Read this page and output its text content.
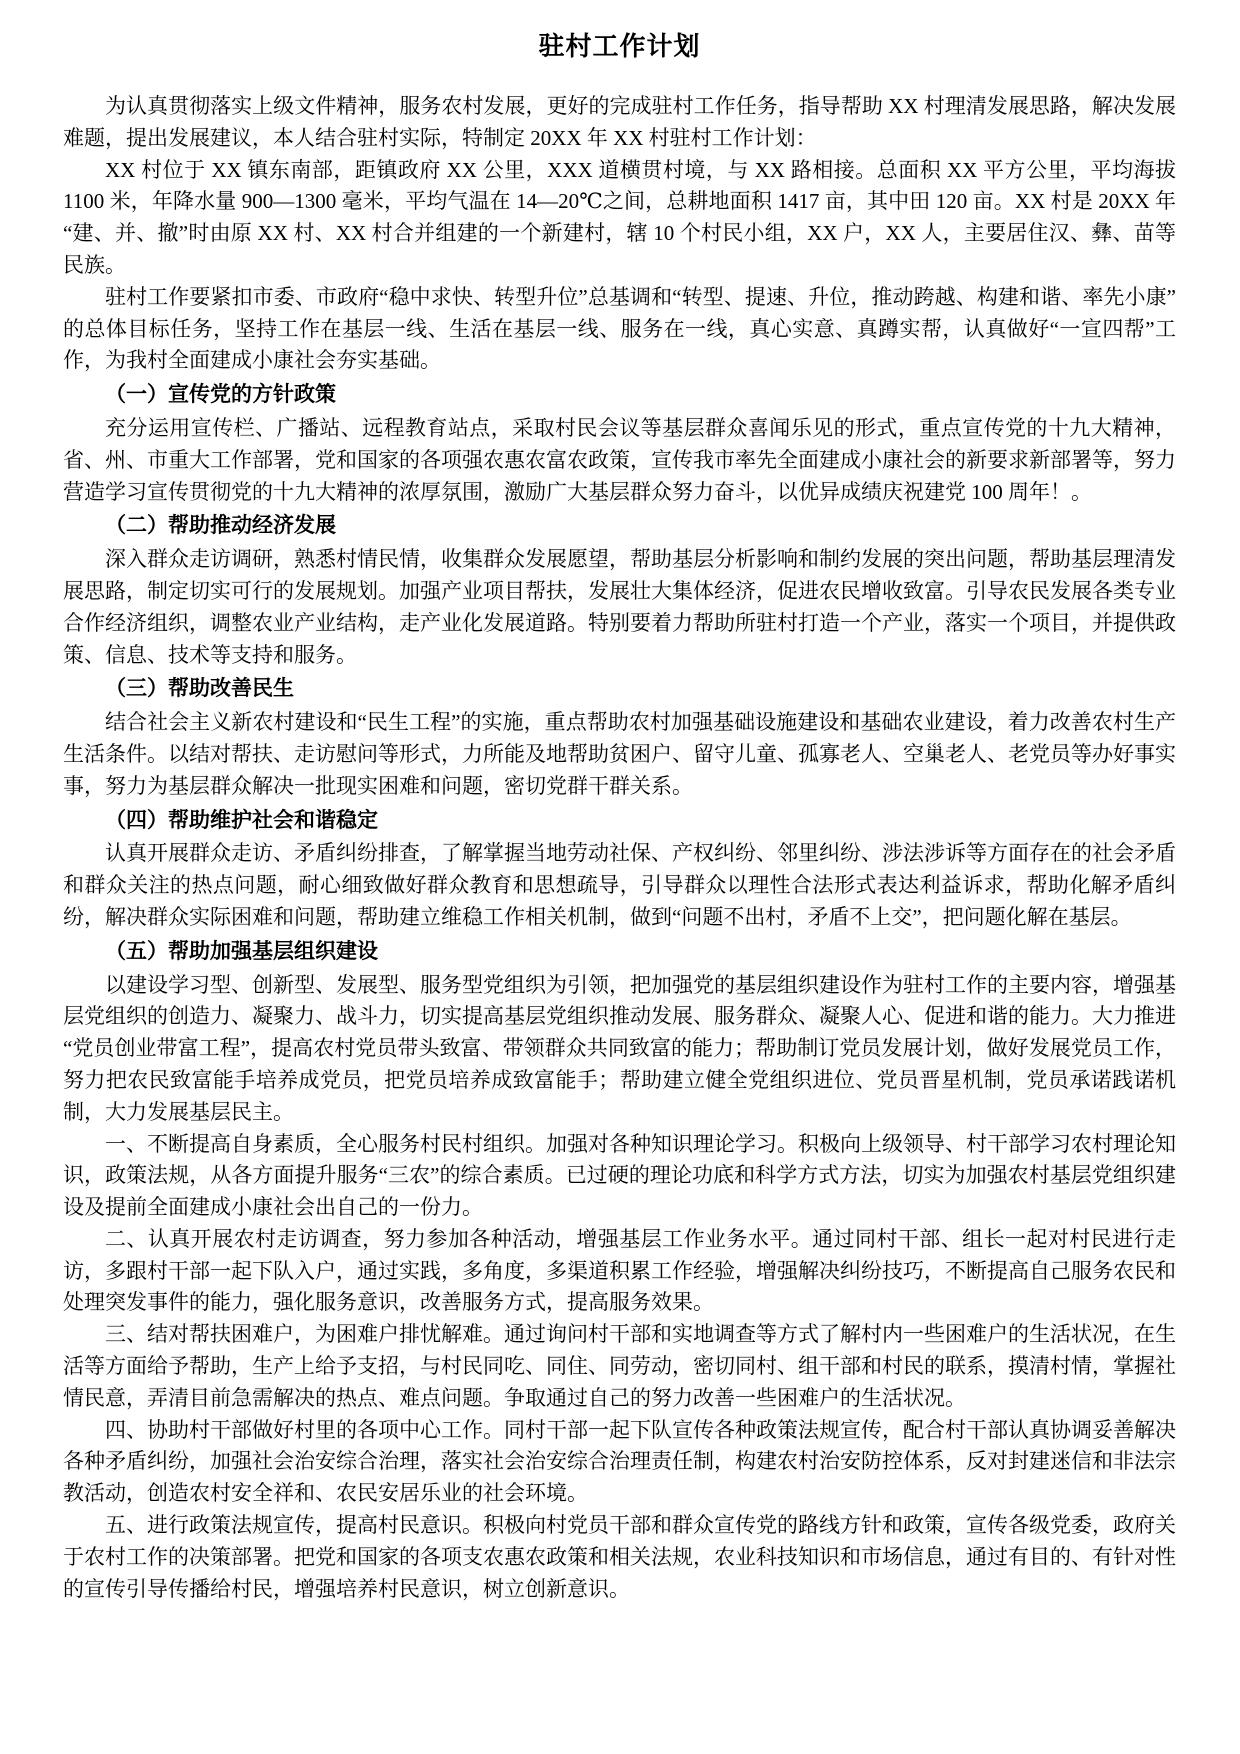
驻村工作计划

为认真贯彻落实上级文件精神，服务农村发展，更好的完成驻村工作任务，指导帮助 XX 村理清发展思路，解决发展难题，提出发展建议，本人结合驻村实际，特制定 20XX 年 XX 村驻村工作计划：

XX 村位于 XX 镇东南部，距镇政府 XX 公里，XXX 道横贯村境，与 XX 路相接。总面积 XX 平方公里，平均海拔 1100 米，年降水量 900—1300 毫米，平均气温在 14—20℃之间，总耕地面积 1417 亩，其中田 120 亩。XX 村是 20XX 年“建、并、撤”时由原 XX 村、XX 村合并组建的一个新建村，辖 10 个村民小组，XX 户，XX 人，主要居住汉、彝、苗等民族。

驻村工作要紧扣市委、市政府“稳中求快、转型升位”总基调和“转型、提速、升位，推动跨越、构建和谐、率先小康”的总体目标任务，坚持工作在基层一线、生活在基层一线、服务在一线，真心实意、真蹲实帮，认真做好“一宣四帮”工作，为我村全面建成小康社会夯实基础。

（一）宣传党的方针政策

充分运用宣传栏、广播站、远程教育站点，采取村民会议等基层群众喜闻乐见的形式，重点宣传党的十九大精神，省、州、市重大工作部署，党和国家的各项强农惠农富农政策，宣传我市率先全面建成小康社会的新要求新部署等，努力营造学习宣传贯彻党的十九大精神的浓厚氛围，激励广大基层群众努力奋斗，以优异成绩庆祝建党 100 周年！。

（二）帮助推动经济发展

深入群众走访调研，熟悉村情民情，收集群众发展愿望，帮助基层分析影响和制约发展的突出问题，帮助基层理清发展思路，制定切实可行的发展规划。加强产业项目帮扶，发展壮大集体经济，促进农民增收致富。引导农民发展各类专业合作经济组织，调整农业产业结构，走产业化发展道路。特别要着力帮助所驻村打造一个产业，落实一个项目，并提供政策、信息、技术等支持和服务。

（三）帮助改善民生

结合社会主义新农村建设和“民生工程”的实施，重点帮助农村加强基础设施建设和基础农业建设，着力改善农村生产生活条件。以结对帮扶、走访慰问等形式，力所能及地帮助贫困户、留守儿童、孤寡老人、空巢老人、老党员等办好事实事，努力为基层群众解决一批现实困难和问题，密切党群干群关系。

（四）帮助维护社会和谐稳定

认真开展群众走访、矛盾纠纷排查，了解掌握当地劳动社保、产权纠纷、邻里纠纷、涉法涉诉等方面存在的社会矛盾和群众关注的热点问题，耐心细致做好群众教育和思想疏导，引导群众以理性合法形式表达利益诉求，帮助化解矛盾纠纷，解决群众实际困难和问题，帮助建立维稳工作相关机制，做到“问题不出村，矛盾不上交”，把问题化解在基层。

（五）帮助加强基层组织建设

以建设学习型、创新型、发展型、服务型党组织为引领，把加强党的基层组织建设作为驻村工作的主要内容，增强基层党组织的创造力、凝聚力、战斗力，切实提高基层党组织推动发展、服务群众、凝聚人心、促进和谐的能力。大力推进“党员创业带富工程”，提高农村党员带头致富、带领群众共同致富的能力；帮助制订党员发展计划，做好发展党员工作，努力把农民致富能手培养成党员，把党员培养成致富能手；帮助建立健全党组织进位、党员晋星机制，党员承诺践诺机制，大力发展基层民主。

一、不断提高自身素质，全心服务村民村组织。加强对各种知识理论学习。积极向上级领导、村干部学习农村理论知识，政策法规，从各方面提升服务“三农”的综合素质。已过硬的理论功底和科学方式方法，切实为加强农村基层党组织建设及提前全面建成小康社会出自己的一份力。

二、认真开展农村走访调查，努力参加各种活动，增强基层工作业务水平。通过同村干部、组长一起对村民进行走访，多跟村干部一起下队入户，通过实践，多角度，多渠道积累工作经验，增强解决纠纷技巧，不断提高自己服务农民和处理突发事件的能力，强化服务意识，改善服务方式，提高服务效果。

三、结对帮扶困难户，为困难户排忧解难。通过询问村干部和实地调查等方式了解村内一些困难户的生活状况，在生活等方面给予帮助，生产上给予支招，与村民同吃、同住、同劳动，密切同村、组干部和村民的联系，摸清村情，掌握社情民意，弄清目前急需解决的热点、难点问题。争取通过自己的努力改善一些困难户的生活状况。

四、协助村干部做好村里的各项中心工作。同村干部一起下队宣传各种政策法规宣传，配合村干部认真协调妥善解决各种矛盾纠纷，加强社会治安综合治理，落实社会治安综合治理责任制，构建农村治安防控体系，反对封建迷信和非法宗教活动，创造农村安全祥和、农民安居乐业的社会环境。

五、进行政策法规宣传，提高村民意识。积极向村党员干部和群众宣传党的路线方针和政策，宣传各级党委，政府关于农村工作的决策部署。把党和国家的各项支农惠农政策和相关法规，农业科技知识和市场信息，通过有目的、有针对性的宣传引导传播给村民，增强培养村民意识，树立创新意识。
